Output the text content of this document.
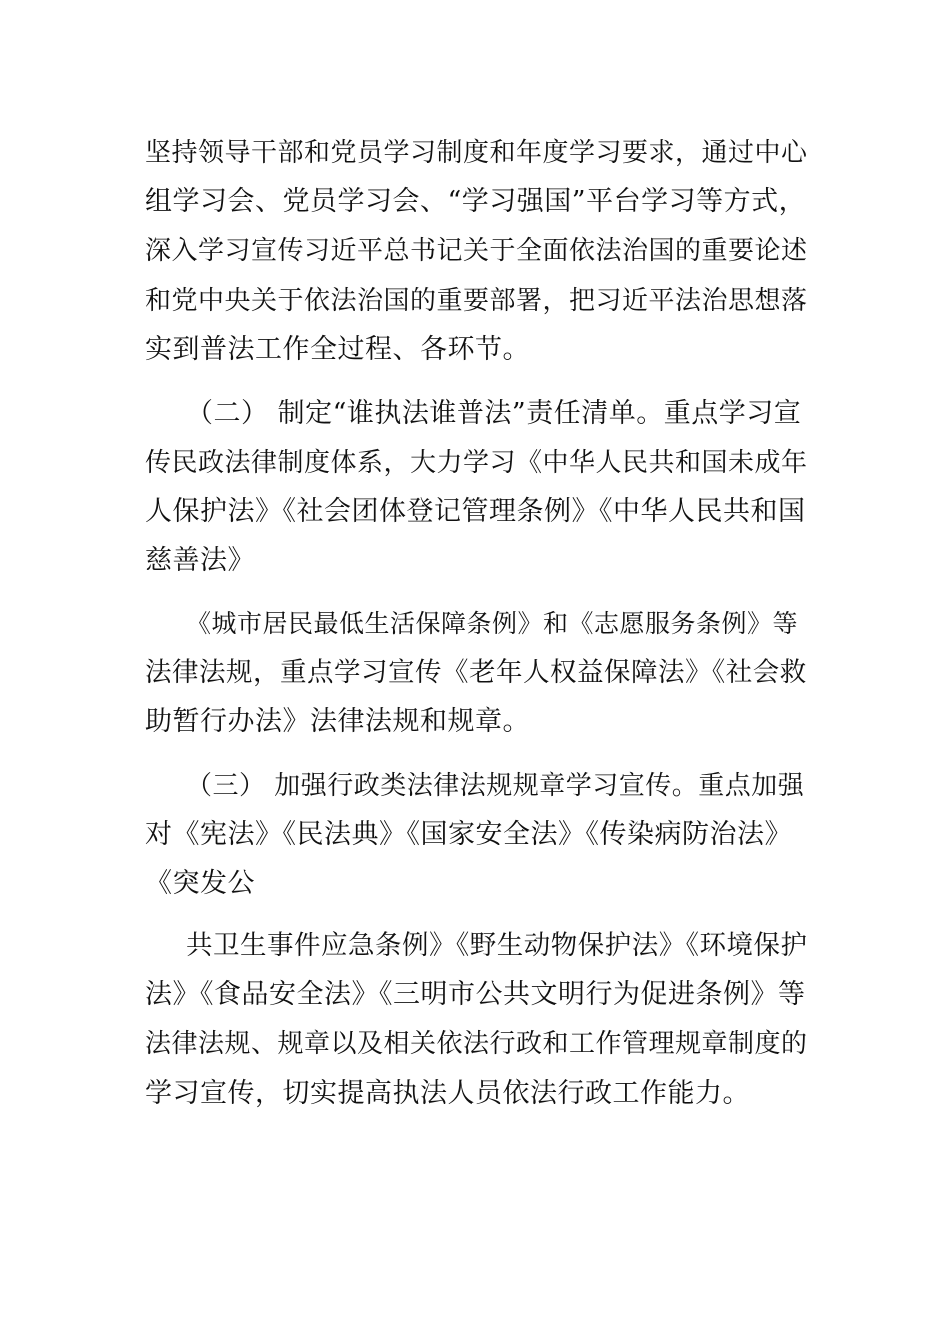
坚持领导干部和党员学习制度和年度学习要求，通过中心
组学习会、党员学习会、“学习强国”平台学习等方式，
深入学习宣传习近平总书记关于全面依法治国的重要论述
和党中央关于依法治国的重要部署，把习近平法治思想落
实到普法工作全过程、各环节。
（二） 制定“谁执法谁普法”责任清单。重点学习宣
传民政法律制度体系，大力学习《中华人民共和国未成年
人保护法》《社会团体登记管理条例》《中华人民共和国
慈善法》
《城市居民最低生活保障条例》和《志愿服务条例》等
法律法规，重点学习宣传《老年人权益保障法》《社会救
助暂行办法》法律法规和规章。
（三） 加强行政类法律法规规章学习宣传。重点加强
对《宪法》《民法典》《国家安全法》《传染病防治法》
《突发公
共卫生事件应急条例》《野生动物保护法》《环境保护
法》《食品安全法》《三明市公共文明行为促进条例》等
法律法规、规章以及相关依法行政和工作管理规章制度的
学习宣传，切实提高执法人员依法行政工作能力。
